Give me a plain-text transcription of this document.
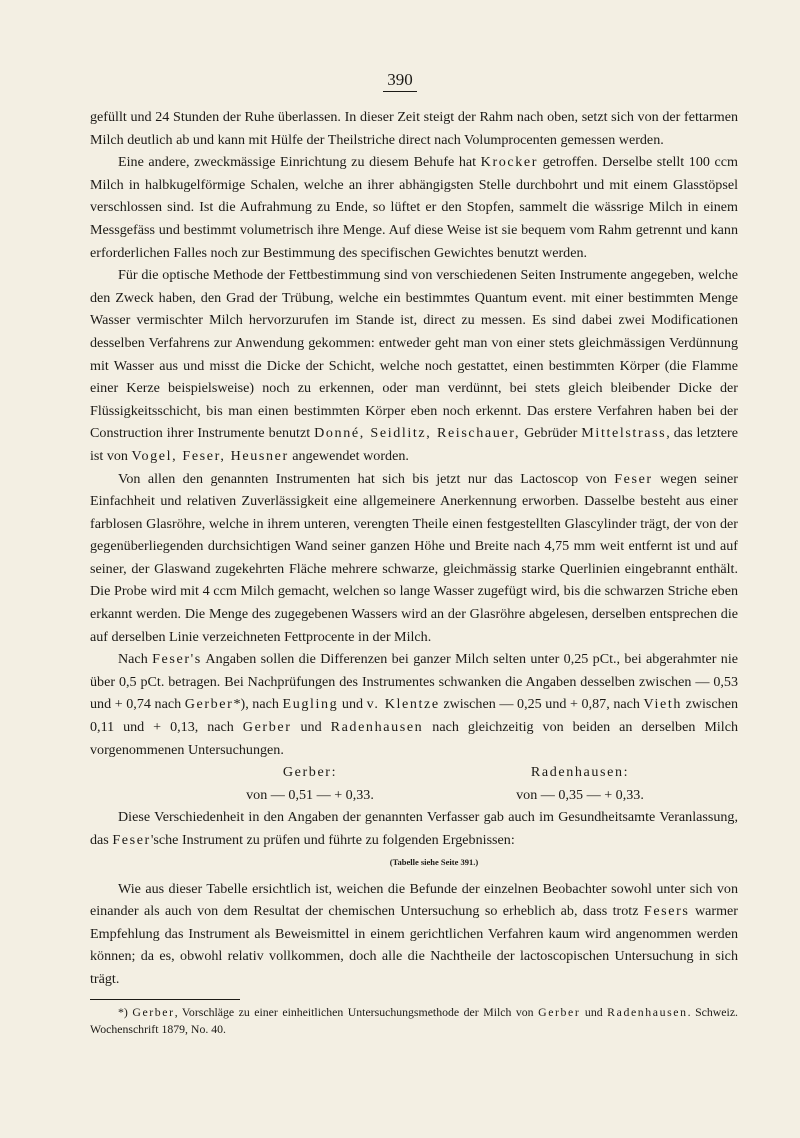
390

gefüllt und 24 Stunden der Ruhe überlassen. In dieser Zeit steigt der Rahm nach oben, setzt sich von der fettarmen Milch deutlich ab und kann mit Hülfe der Theilstriche direct nach Volumprocenten gemessen werden.

Eine andere, zweckmässige Einrichtung zu diesem Behufe hat Krocker getroffen. Derselbe stellt 100 ccm Milch in halbkugelförmige Schalen, welche an ihrer abhängigsten Stelle durchbohrt und mit einem Glasstöpsel verschlossen sind. Ist die Aufrahmung zu Ende, so lüftet er den Stopfen, sammelt die wässrige Milch in einem Messgefäss und bestimmt volumetrisch ihre Menge. Auf diese Weise ist sie bequem vom Rahm getrennt und kann erforderlichen Falles noch zur Bestimmung des specifischen Gewichtes benutzt werden.

Für die optische Methode der Fettbestimmung sind von verschiedenen Seiten Instrumente angegeben, welche den Zweck haben, den Grad der Trübung, welche ein bestimmtes Quantum event. mit einer bestimmten Menge Wasser vermischter Milch hervorzurufen im Stande ist, direct zu messen. Es sind dabei zwei Modificationen desselben Verfahrens zur Anwendung gekommen: entweder geht man von einer stets gleichmässigen Verdünnung mit Wasser aus und misst die Dicke der Schicht, welche noch gestattet, einen bestimmten Körper (die Flamme einer Kerze beispielsweise) noch zu erkennen, oder man verdünnt, bei stets gleich bleibender Dicke der Flüssigkeitsschicht, bis man einen bestimmten Körper eben noch erkennt. Das erstere Verfahren haben bei der Construction ihrer Instrumente benutzt Donné, Seidlitz, Reischauer, Gebrüder Mittelstrass, das letztere ist von Vogel, Feser, Heusner angewendet worden.

Von allen den genannten Instrumenten hat sich bis jetzt nur das Lactoscop von Feser wegen seiner Einfachheit und relativen Zuverlässigkeit eine allgemeinere Anerkennung erworben. Dasselbe besteht aus einer farblosen Glasröhre, welche in ihrem unteren, verengten Theile einen festgestellten Glascylinder trägt, der von der gegenüberliegenden durchsichtigen Wand seiner ganzen Höhe und Breite nach 4,75 mm weit entfernt ist und auf seiner, der Glaswand zugekehrten Fläche mehrere schwarze, gleichmässig starke Querlinien eingebrannt enthält. Die Probe wird mit 4 ccm Milch gemacht, welchen so lange Wasser zugefügt wird, bis die schwarzen Striche eben erkannt werden. Die Menge des zugegebenen Wassers wird an der Glasröhre abgelesen, derselben entsprechen die auf derselben Linie verzeichneten Fettprocente in der Milch.

Nach Feser's Angaben sollen die Differenzen bei ganzer Milch selten unter 0,25 pCt., bei abgerahmter nie über 0,5 pCt. betragen. Bei Nachprüfungen des Instrumentes schwanken die Angaben desselben zwischen — 0,53 und + 0,74 nach Gerber*), nach Eugling und v. Klentze zwischen — 0,25 und + 0,87, nach Vieth zwischen 0,11 und + 0,13, nach Gerber und Radenhausen nach gleichzeitig von beiden an derselben Milch vorgenommenen Untersuchungen.

Gerber:
von — 0,51 — + 0,33.
Radenhausen:
von — 0,35 — + 0,33.

Diese Verschiedenheit in den Angaben der genannten Verfasser gab auch im Gesundheitsamte Veranlassung, das Feser'sche Instrument zu prüfen und führte zu folgenden Ergebnissen:

(Tabelle siehe Seite 391.)

Wie aus dieser Tabelle ersichtlich ist, weichen die Befunde der einzelnen Beobachter sowohl unter sich von einander als auch von dem Resultat der chemischen Untersuchung so erheblich ab, dass trotz Fesers warmer Empfehlung das Instrument als Beweismittel in einem gerichtlichen Verfahren kaum wird angenommen werden können; da es, obwohl relativ vollkommen, doch alle die Nachtheile der lactoscopischen Untersuchung in sich trägt.

*) Gerber, Vorschläge zu einer einheitlichen Untersuchungsmethode der Milch von Gerber und Radenhausen. Schweiz. Wochenschrift 1879, No. 40.
